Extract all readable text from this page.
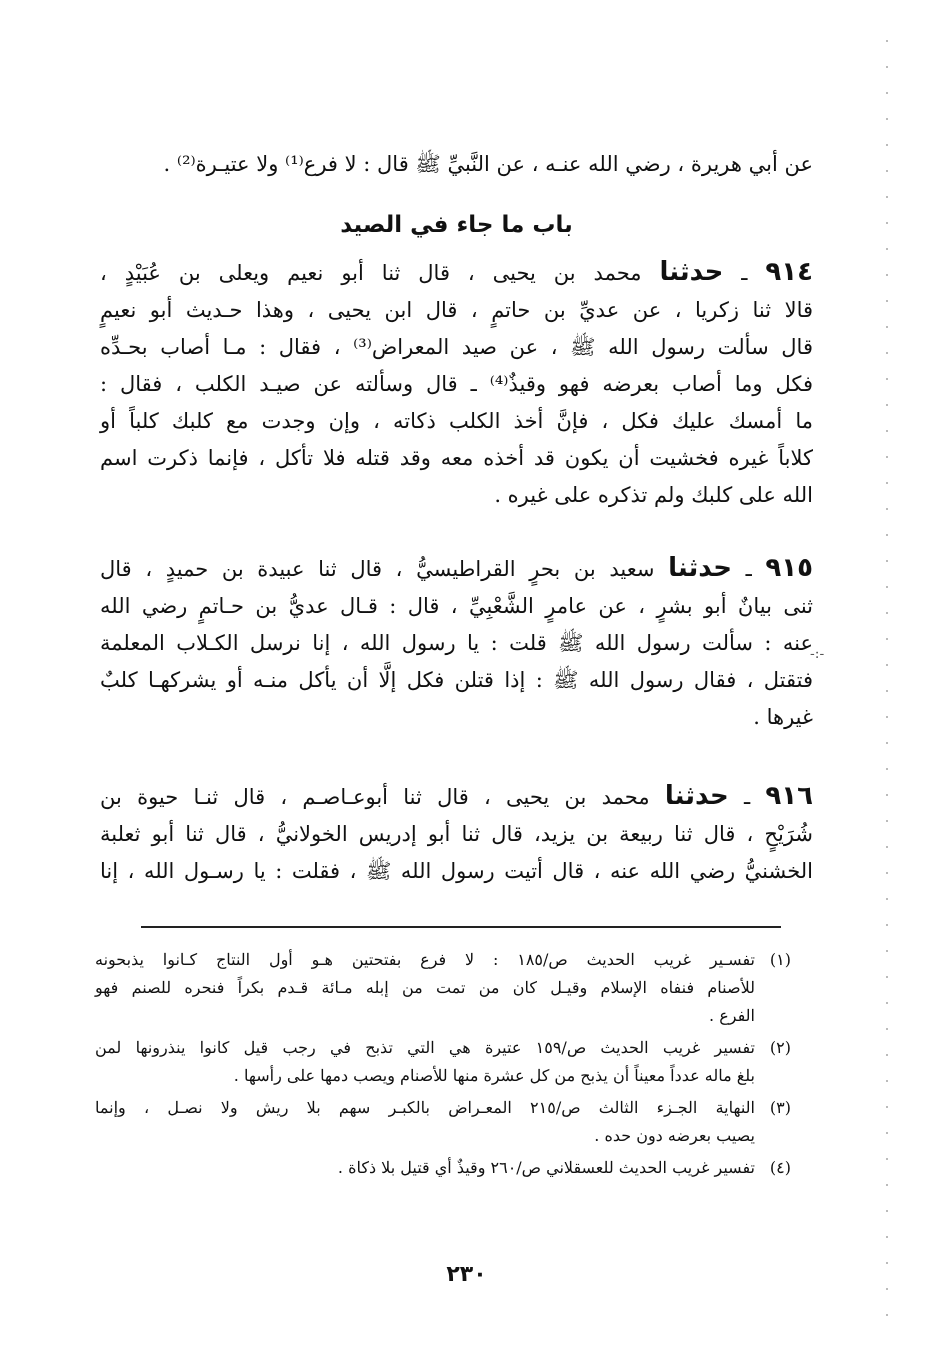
عن أبي هريرة ، رضي الله عنـه ، عن النَّبيِّ ﷺ قال : لا فرع⁽¹⁾ ولا عتيـرة⁽²⁾ .
باب ما جاء في الصيد
٩١٤ ـ حدثنا محمد بن يحيى ، قال ثنا أبو نعيم ويعلى بن عُبَيْدٍ ،
قالا ثنا زكريا ، عن عديِّ بن حاتمٍ ، قال ابن يحيى ، وهذا حـديث أبو نعيمٍ
قال سألت رسول الله ﷺ ، عن صيد المعراض⁽³⁾ ، فقال : مـا أصاب بحـدِّه
فكل وما أصاب بعرضه فهو وقيذٌ⁽⁴⁾ ـ قال وسألته عن صيـد الكلب ، فقال :
ما أمسك عليك فكل ، فإنَّ أخذ الكلب ذكاته ، وإن وجدت مع كلبك كلباً أو
كلاباً غيره فخشيت أن يكون قد أخذه معه وقد قتله فلا تأكل ، فإنما ذكرت اسم
الله على كلبك ولم تذكره على غيره .
٩١٥ ـ حدثنا سعيد بن بحرٍ القراطيسيُّ ، قال ثنا عبيدة بن حميدٍ ، قال
ثنى بيانٌ أبو بشرٍ ، عن عامرٍ الشَّعْبِيِّ ، قال : قـال عديُّ بن حـاتمٍ رضي الله
عنه : سألت رسول الله ﷺ قلت : يا رسول الله ، إنا نرسل الكـلاب المعلمة
فتقتل ، فقال رسول الله ﷺ : إذا قتلن فكل إلَّا أن يأكل منـه أو يشركهـا كلبٌ
غيرها .
-:-
٩١٦ ـ حدثنا محمد بن يحيى ، قال ثنا أبوعـاصـم ، قال ثنـا حيوة بن
شُرَيْحٍ ، قال ثنا ربيعة بن يزيد، قال ثنا أبو إدريس الخولانيُّ ، قال ثنا أبو ثعلبة
الخشنيُّ رضي الله عنه ، قال أتيت رسول الله ﷺ ، فقلت : يا رسـول الله ، إنا
(١)
تفسـير غريب الحديث ص/١٨٥ : لا فرع بفتحتين هـو أول النتاج كـانوا يذبحونه
للأصنام فنفاه الإسلام وقيـل كان من تمت من إبله مـائة قـدم بكراً فنحره للصنم فهو
الفرع .
(٢)
تفسير غريب الحديث ص/١٥٩ عتيرة هي التي تذبح في رجب قيل كانوا ينذرونها لمن
بلغ ماله عدداً معيناً أن يذبح من كل عشرة منها للأصنام ويصب دمها على رأسها .
(٣)
النهاية الجـزء الثالث ص/٢١٥ المعـراض بالكبـر سهم بلا ريش ولا نصـل ، وإنما
يصيب بعرضه دون حده .
(٤)
تفسير غريب الحديث للعسقلاني ص/٢٦٠ وقيذٌ أي قتيل بلا ذكاة .
٢٣٠
